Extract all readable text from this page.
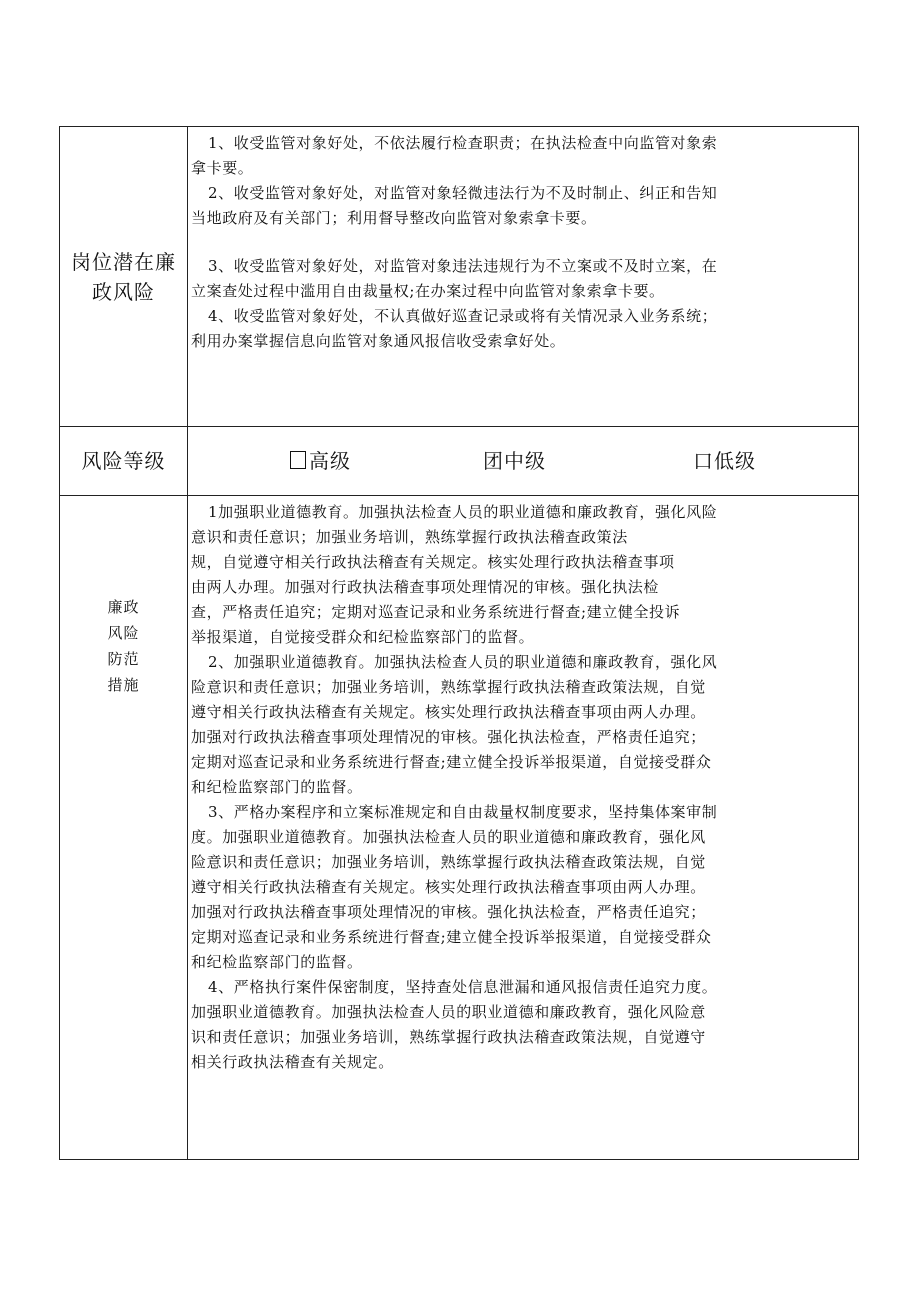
岗位潜在廉
政风险
1、收受监管对象好处，不依法履行检查职责；在执法检查中向监管对象索
拿卡要。
2、收受监管对象好处，对监管对象轻微违法行为不及时制止、纠正和告知
当地政府及有关部门；利用督导整改向监管对象索拿卡要。
3、收受监管对象好处，对监管对象违法违规行为不立案或不及时立案，在
立案查处过程中滥用自由裁量权;在办案过程中向监管对象索拿卡要。
4、收受监管对象好处，不认真做好巡查记录或将有关情况录入业务系统；
利用办案掌握信息向监管对象通风报信收受索拿好处。
风险等级	高级	团中级	口低级
廉政
风险
防范
措施
1加强职业道德教育。加强执法检查人员的职业道德和廉政教育，强化风险
意识和责任意识；加强业务培训，熟练掌握行政执法稽查政策法
规，自觉遵守相关行政执法稽查有关规定。核实处理行政执法稽查事项
由两人办理。加强对行政执法稽查事项处理情况的审核。强化执法检
查，严格责任追究；定期对巡查记录和业务系统进行督查;建立健全投诉
举报渠道，自觉接受群众和纪检监察部门的监督。
2、加强职业道德教育。加强执法检查人员的职业道德和廉政教育，强化风
险意识和责任意识；加强业务培训，熟练掌握行政执法稽查政策法规，自觉
遵守相关行政执法稽查有关规定。核实处理行政执法稽查事项由两人办理。
加强对行政执法稽查事项处理情况的审核。强化执法检查，严格责任追究；
定期对巡查记录和业务系统进行督查;建立健全投诉举报渠道，自觉接受群众
和纪检监察部门的监督。
3、严格办案程序和立案标准规定和自由裁量权制度要求，坚持集体案审制
度。加强职业道德教育。加强执法检查人员的职业道德和廉政教育，强化风
险意识和责任意识；加强业务培训，熟练掌握行政执法稽查政策法规，自觉
遵守相关行政执法稽查有关规定。核实处理行政执法稽查事项由两人办理。
加强对行政执法稽查事项处理情况的审核。强化执法检查，严格责任追究；
定期对巡查记录和业务系统进行督查;建立健全投诉举报渠道，自觉接受群众
和纪检监察部门的监督。
4、严格执行案件保密制度，坚持查处信息泄漏和通风报信责任追究力度。
加强职业道德教育。加强执法检查人员的职业道德和廉政教育，强化风险意
识和责任意识；加强业务培训，熟练掌握行政执法稽查政策法规，自觉遵守
相关行政执法稽查有关规定。
